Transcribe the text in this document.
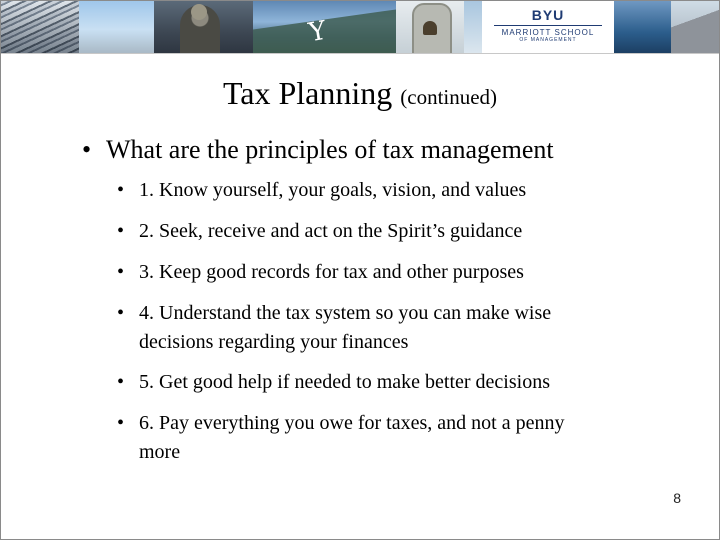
Y
BYU
MARRIOTT SCHOOL
OF MANAGEMENT
Tax Planning (continued)
• What are the principles of tax management
• 1. Know yourself, your goals, vision, and values
• 2. Seek, receive and act on the Spirit’s guidance
• 3. Keep good records for tax and other purposes
• 4. Understand the tax system so you can make wise
decisions regarding your finances
• 5. Get good help if needed to make better decisions
• 6. Pay everything you owe for taxes, and not a penny
more
8
